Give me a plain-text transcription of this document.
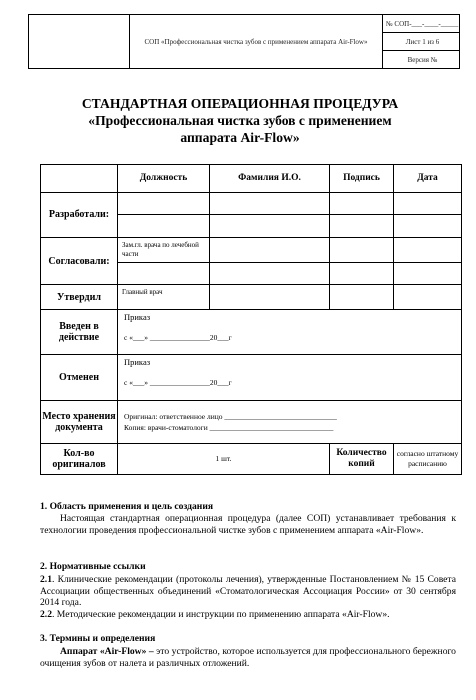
	СОП «Профессиональная чистка зубов с применением аппарата Air-Flow»	№ СОП-___-____-_____
Лист 1 из 6
Версия №
СТАНДАРТНАЯ ОПЕРАЦИОННАЯ ПРОЦЕДУРА
«Профессиональная чистка зубов с применением
аппарата Air-Flow»
	Должность	Фамилия И.О.	Подпись	Дата
Разработали:				

Согласовали:	Зам.гл. врача по лечебной части			

Утвердил	Главный врач			
Введен в действие	Приказ
с «___» ________________20___г			

Отменен	Приказ
с «___» ________________20___г			

Место хранения документа	Оригинал: ответственное лицо ______________________________
Копия: врачи-стоматологи _________________________________			

Кол-во оригиналов	1 шт.		Количество копий	согласно штатному расписанию
1. Область применения и цель создания
Настоящая стандартная операционная процедура (далее СОП) устанавливает требования к технологии проведения профессиональной чистке зубов с применением аппарата «Air-Flow».
2. Нормативные ссылки
2.1. Клинические рекомендации (протоколы лечения), утвержденные Постановлением № 15 Совета Ассоциации общественных объединений «Стоматологическая Ассоциация России» от 30 сентября 2014 года.
2.2. Методические рекомендации и инструкции по применению аппарата «Air-Flow».
3. Термины и определения
Аппарат «Air-Flow» – это устройство, которое используется для профессионального бережного очищения зубов от налета и различных отложений.
